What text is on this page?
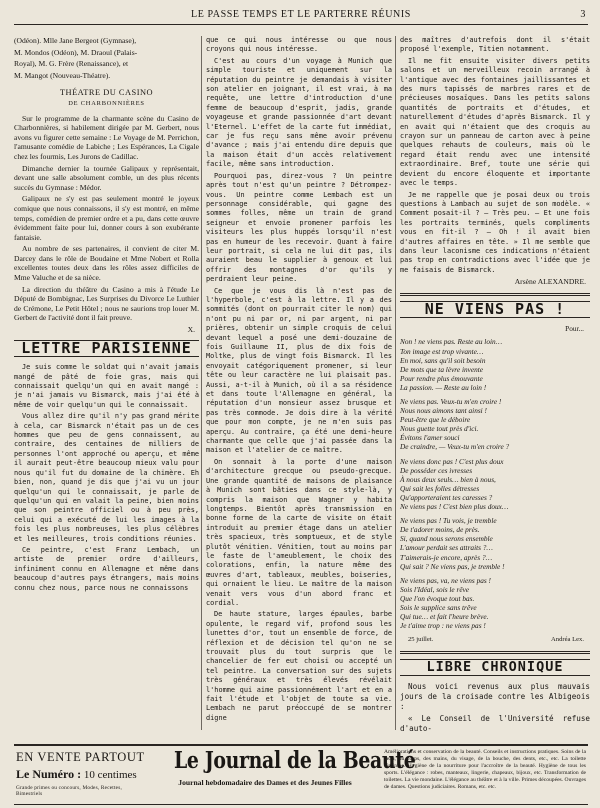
LE PASSE TEMPS ET LE PARTERRE RÉUNIS	3
(Odéon). Mlle Jane Bergeot (Gymnase),
M. Mondos (Odéon), M. Draoul (Palais-
Royal), M. G. Frère (Renaissance), et
M. Mangot (Nouveau-Théatre).
THÉATRE DU CASINO
DE CHARBONNIÈRES

Sur le programme de la charmante scène du Casino de Charbonnières, si habilement dirigée par M. Gerbert, nous avons vu figurer cette semaine : Le Voyage de M. Perrichon, l'amusante comédie de Labiche ; Les Espérances, La Cigale chez les fourmis, Les Jurons de Cadillac.

Dimanche dernier la tournée Galipaux y représentait, devant une salle absolument comble, un des plus récents succès du Gymnase : Médor.

Galipaux ne s'y est pas seulement montré le joyeux comique que nous connaissons, il s'y est montré, en même temps, comédien de premier ordre et a pu, dans cette œuvre évidemment faite pour lui, donner cours à son exubérante fantaisie.

Au nombre de ses partenaires, il convient de citer M. Darcey dans le rôle de Boudaine et Mme Nobert et Rolla excellentes toutes deux dans les rôles assez difficiles de Mme Valuche et de sa nièce.

La direction du théâtre du Casino a mis à l'étude Le Député de Bombignac, Les Surprises du Divorce Le Luthier de Crémone, Le Petit Hôtel ; nous ne saurions trop louer M. Gerbert de l'activité dont il fait preuve.

X.
LETTRE PARISIENNE

Je suis comme le soldat qui n'avait jamais mangé de pâté de foie gras, mais qui connaissait quelqu'un qui en avait mangé : je n'ai jamais vu Bismarck, mais j'ai été à même de voir quelqu'un qui le connaissait.

Vous allez dire qu'il n'y pas grand mérite à cela, car Bismarck n'était pas un de ces hommes que peu de gens connaissent, au contraire, des centaines de milliers de personnes l'ont approché ou aperçu, et même il aurait peut-être beaucoup mieux valu pour nous qu'il fut du domaine de la chimère. Eh bien, non, quand je dis que j'ai vu un jour quelqu'un qui le connaissait, je parle de quelqu'un qui en valait la peine, bien moins que son peintre officiel ou à peu près, celui qui a exécuté de lui les images à la fois les plus nombreuses, les plus célèbres et les meilleures, trois conditions réunies.

Ce peintre, c'est Franz Lembach, un artiste de premier ordre d'ailleurs, infiniment connu en Allemagne et même dans beaucoup d'autres pays étrangers, mais moins connu chez nous, parce nous ne connaissons

que ce qui nous intéresse ou que nous croyons qui nous intéresse.

C'est au cours d'un voyage à Munich que simple touriste et uniquement sur la réputation du peintre je demandais à visiter son atelier en joignant, il est vrai, à ma requête, une lettre d'introduction d'une femme de beaucoup d'esprit, jadis, grande voyageuse et grande passionnée d'art devant l'Eternel. L'effet de la carte fut immédiat, car je fus reçu sans même avoir prévenu d'avance ; mais j'ai entendu dire depuis que la maison était d'un accès relativement facile, même sans introduction.

Pourquoi pas, direz-vous ? Un peintre après tout n'est qu'un peintre ? Détrompez-vous. Un peintre comme Lembach est un personnage considérable, qui gagne des sommes folles, même un train de grand seigneur et envoie promener parfois les visiteurs les plus huppés lorsqu'il n'est pas en humeur de les recevoir. Quant à faire leur portrait, si cela ne lui dit pas, ils auraient beau le supplier à genoux et lui offrir des montagnes d'or qu'ils y perdraient leur peine.

Ce que je vous dis là n'est pas de l'hyperbole, c'est à la lettre. Il y a des sommités (dont on pourrait citer le nom) qui n'ont pu ni par or, ni par argent, ni par prières, obtenir un simple croquis de celui devant lequel a posé une demi-douzaine de fois Guillaume II, plus de dix fois de Moltke, plus de vingt fois Bismarck. Il les envoyait catégoriquement promener, si leur tête ou leur caractère ne lui plaisait pas. Aussi, a-t-il à Munich, où il a sa résidence et dans toute l'Allemagne en général, la réputation d'un monsieur assez brusque et pas très commode. Je dois dire à la vérité que pour mon compte, je ne m'en suis pas aperçu. Au contraire, ça été une demi-heure charmante que celle que j'ai passée dans la maison et l'atelier de ce maître.

On sonnait à la porte d'une maison d'architecture grecque ou pseudo-grecque. Une grande quantité de maisons de plaisance à Munich sont bâties dans ce style-là, y compris la maison que Wagner y habita longtemps. Bientôt après transmission en bonne forme de la carte de visite on était introduit au premier étage dans un atelier très spacieux, très somptueux, et de style plutôt vénitien. Vénitien, tout au moins par le faste de l'ameublement, le choix des colorations, enfin, la nature même des œuvres d'art, tableaux, meubles, boiseries, qui ornaient le lieu. Le maître de la maison venait vers vous d'un abord franc et cordial.

De haute stature, larges épaules, barbe opulente, le regard vif, profond sous les lunettes d'or, tout un ensemble de force, de réflexion et de décision tel qu'on ne se trouvait plus du tout surpris que le chancelier de fer eut choisi ou accepté un tel peintre. La conversation sur des sujets très généraux et très élevés révélait l'homme qui aime passionnément l'art et en a fait l'étude et l'objet de toute sa vie. Lembach ne parut préoccupé de se montrer digne

des maîtres d'autrefois dont il s'était proposé l'exemple, Titien notamment.

Il me fit ensuite visiter divers petits salons et un merveilleux recoin arrangé à l'antique avec des fontaines jaillissantes et des murs tapissés de marbres rares et de précieuses mosaïques. Dans les petits salons quantités de portraits et d'études, et naturellement d'études d'après Bismarck. Il y en avait qui n'étaient que des croquis au crayon sur un panneau de carton avec à peine quelques rehauts de couleurs, mais où le regard était rendu avec une intensité extraordinaire. Bref, toute une série qui devient du encore éloquente et importante avec le temps.

Je me rappelle que je posai deux ou trois questions à Lambach au sujet de son modèle. « Comment posait-il ? — Très peu. — Et une fois les portraits terminés, quels compliments vous en fit-il ? — Oh ! il avait bien d'autres affaires en tête. » Il me semble que dans leur laconisme ces indications n'étaient pas trop en contradictions avec l'idée que je me faisais de Bismarck.

Arsène ALEXANDRE.
NE VIENS PAS !
Pour...
Non ! ne viens pas. Reste au loin…
Ton image est trop vivante…
En moi, sans qu'il soit besoin
De mots que ta lèvre invente
Pour rendre plus émouvante
La passion. — Reste au loin !
Ne viens pas. Veux-tu m'en croire !
Nous nous aimons tant ainsi !
Peut-être que le déboire
Nous guette tout près d'ici.
Évitons l'amer souci
De craindre, — Veux-tu m'en croire ?
Ne viens donc pas ! C'est plus doux
De posséder ces ivresses
À nous deux seuls… bien à nous,
Qui sait les folles détresses
Qu'apporteraient tes caresses ?
Ne viens pas ! C'est bien plus doux…
Ne viens pas ! Tu vois, je tremble
De t'adorer moins, de près.
Si, quand nous serons ensemble
L'amour perdait ses attraits ?…
T'aimerais-je encore, après ?…
Qui sait ? Ne viens pas, je tremble !
Ne viens pas, va, ne viens pas !
Sois l'Idéal, sois le rêve
Que l'on évoque tout bas.
Sois le supplice sans trêve
Qui tue… et fait l'heure brève.
Je t'aime trop : ne viens pas !
25 juillet.	Andréa Lex.
LIBRE CHRONIQUE

Nous voici revenus aux plus mauvais jours de la croisade contre les Albigeois :

« Le Conseil de l'Université refuse d'auto-

EN VENTE PARTOUT
Le Numéro : 10 centimes
Grande primes ou concours, Modes, Recettes, Bimestriels
Le Journal de la Beauté
Journal hebdomadaire des Dames et des Jeunes Filles
Améliorations et conservation de la beauté. Conseils et instructions pratiques. Soins de la peau, du corps, des mains, du visage, de la bouche, des dents, etc., etc. La toilette féminine. Hygiène de la nourriture pour l'accroître de la beauté. Hygiène de tous les sports. L'élégance : robes, manteaux, lingerie, chapeaux, bijoux, etc. Transformation de toilettes. La vie mondaine. L'élégance au théâtre et à la ville. Primes découpées. Ouvrages de dames. Questions judiciaires. Romans, etc. etc.
